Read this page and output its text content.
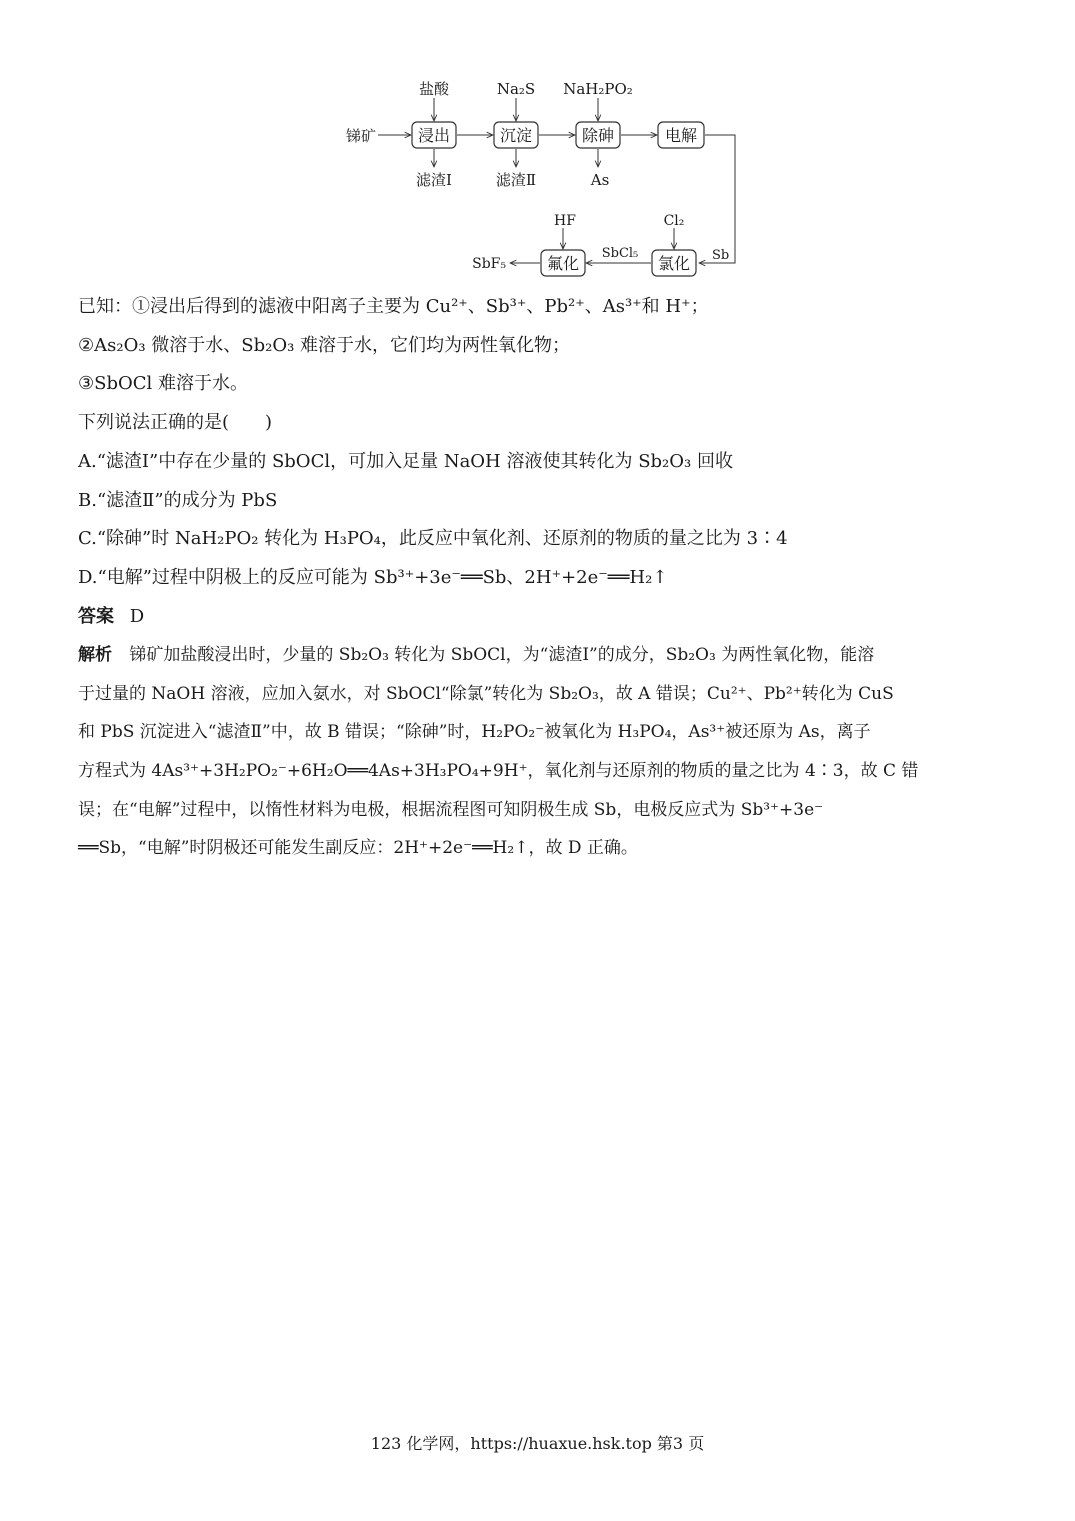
锑矿	浸出	沉淀	除砷	电解
盐酸	Na₂S NaH₂PO₂
滤渣Ⅰ	滤渣Ⅱ	As
HF	Cl₂
氟化	氯化 Sb
SbCl₅
SbF₅
已知：①浸出后得到的滤液中阳离子主要为 Cu²⁺、Sb³⁺、Pb²⁺、As³⁺和 H⁺；
②As₂O₃ 微溶于水、Sb₂O₃ 难溶于水，它们均为两性氧化物；
③SbOCl 难溶于水。
下列说法正确的是(　　)
A.“滤渣Ⅰ”中存在少量的 SbOCl，可加入足量 NaOH 溶液使其转化为 Sb₂O₃ 回收
B.“滤渣Ⅱ”的成分为 PbS
C.“除砷”时 NaH₂PO₂ 转化为 H₃PO₄，此反应中氧化剂、还原剂的物质的量之比为 3∶4
D.“电解”过程中阴极上的反应可能为 Sb³⁺+3e⁻══Sb、2H⁺+2e⁻══H₂↑
答案 D
解析 锑矿加盐酸浸出时，少量的 Sb₂O₃ 转化为 SbOCl，为“滤渣Ⅰ”的成分，Sb₂O₃ 为两性氧化物，能溶
于过量的 NaOH 溶液，应加入氨水，对 SbOCl“除氯”转化为 Sb₂O₃，故 A 错误；Cu²⁺、Pb²⁺转化为 CuS
和 PbS 沉淀进入“滤渣Ⅱ”中，故 B 错误；“除砷”时，H₂PO₂⁻被氧化为 H₃PO₄，As³⁺被还原为 As，离子
方程式为 4As³⁺+3H₂PO₂⁻+6H₂O══4As+3H₃PO₄+9H⁺，氧化剂与还原剂的物质的量之比为 4∶3，故 C 错
误；在“电解”过程中，以惰性材料为电极，根据流程图可知阴极生成 Sb，电极反应式为 Sb³⁺+3e⁻
══Sb，“电解”时阴极还可能发生副反应：2H⁺+2e⁻══H₂↑，故 D 正确。
123 化学网，https://huaxue.hsk.top 第3 页
